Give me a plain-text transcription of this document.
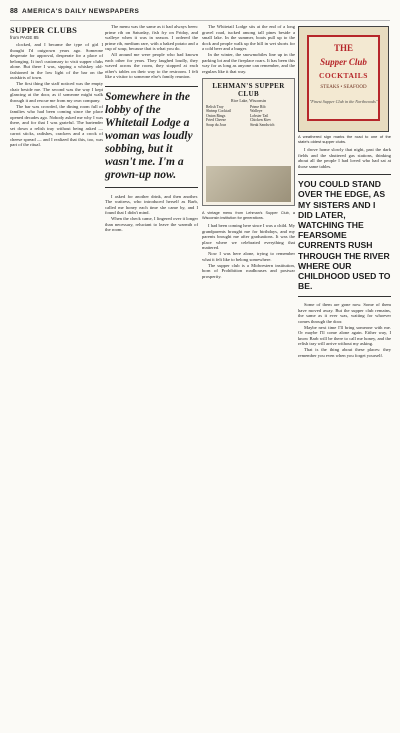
88 AMERICA'S DAILY NEWSPAPERS
SUPPER CLUBS
from PAGE 85

clocked, and I became the type of girl I thought I'd outgrown years ago. Someone desperate for approval, desperate for a place of belonging. It isn't customary to visit supper clubs alone. But there I was, sipping a whiskey old-fashioned in the low light of the bar on the outskirts of town.

The first thing the staff noticed was the empty chair beside me. The second was the way I kept glancing at the door, as if someone might walk through it and rescue me from my own company.

The bar was crowded, the dining room full of families who had been coming since the place opened decades ago. Nobody asked me why I was there, and for that I was grateful. The bartender set down a relish tray without being asked — carrot sticks, radishes, crackers and a crock of cheese spread — and I realized that this, too, was part of the ritual.

The menu was the same as it had always been: prime rib on Saturday, fish fry on Friday, and walleye when it was in season. I ordered the prime rib, medium rare, with a baked potato and a cup of soup, because that is what you do.

All around me were people who had known each other for years. They laughed loudly, they waved across the room, they stopped at each other's tables on their way to the restroom. I felt like a visitor to someone else's family reunion.

Somewhere in the lobby of the Whitetail Lodge a woman was loudly sobbing, but it wasn't me. I'm a grown-up now.

I asked for another drink, and then another. The waitress, who introduced herself as Barb, called me honey each time she came by, and I found that I didn't mind.

When the check came, I lingered over it longer than necessary, reluctant to leave the warmth of the room.

The Whitetail Lodge sits at the end of a long gravel road, tucked among tall pines beside a small lake. In the summer, boats pull up to the dock and people walk up the hill in wet shorts for a cold beer and a burger.

In the winter, the snowmobiles line up in the parking lot and the fireplace roars. It has been this way for as long as anyone can remember, and the regulars like it that way.

LEHMAN'S SUPPER CLUB
Rice Lake, Wisconsin
Relish Tray
Shrimp Cocktail
Onion Rings
Fried Cheese
Soup du Jour
Prime Rib
Walleye
Lobster Tail
Chicken Kiev
Steak Sandwich
A vintage menu from Lehman's Supper Club, a Wisconsin institution for generations.

I had been coming here since I was a child. My grandparents brought me for birthdays, and my parents brought me after graduations. It was the place where we celebrated everything that mattered.

Now I was here alone, trying to remember what it felt like to belong somewhere.

The supper club is a Midwestern institution, born of Prohibition roadhouses and postwar prosperity.

THE
Supper Club
COCKTAILS
STEAKS • SEAFOOD
"Finest Supper Club in the Northwoods"
A weathered sign marks the road to one of the state's oldest supper clubs.

I drove home slowly that night, past the dark fields and the shuttered gas stations, thinking about all the people I had loved who had sat at those same tables.

YOU COULD STAND OVER THE EDGE, AS MY SISTERS AND I DID LATER, WATCHING THE FEARSOME CURRENTS RUSH THROUGH THE RIVER WHERE OUR CHILDHOOD USED TO BE.

Some of them are gone now. Some of them have moved away. But the supper club remains, the same as it ever was, waiting for whoever comes through the door.

Maybe next time I'll bring someone with me. Or maybe I'll come alone again. Either way, I know Barb will be there to call me honey, and the relish tray will arrive without my asking.

That is the thing about these places: they remember you even when you forget yourself.
